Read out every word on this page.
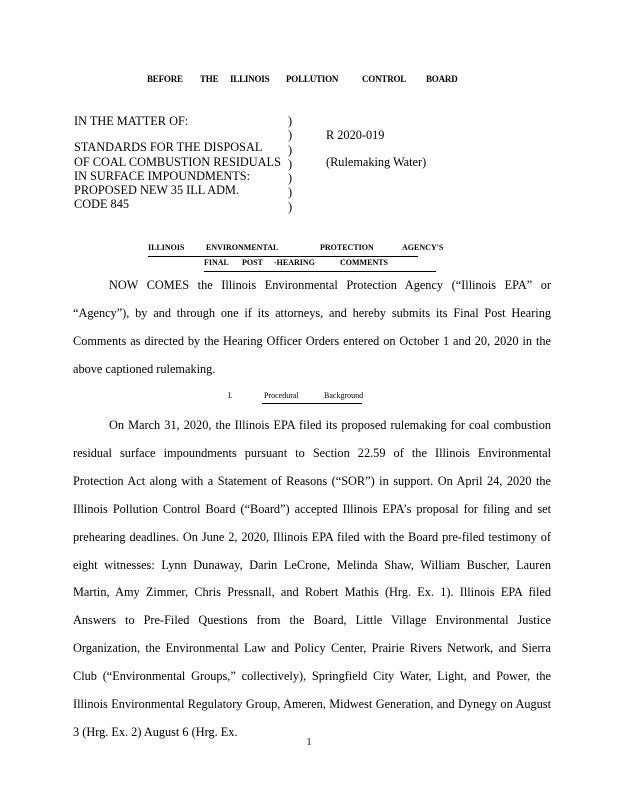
BEFORE THE ILLINOIS POLLUTION	CONTROL BOARD
IN THE MATTER OF:
STANDARDS FOR THE DISPOSAL
OF COAL COMBUSTION RESIDUALS
IN SURFACE IMPOUNDMENTS:
PROPOSED NEW 35 ILL ADM.
CODE 845
)
)
)
)
)
)
)
R 2020-019
(Rulemaking Water)
ILLINOIS	ENVIRONMENTAL	PROTECTION	AGENCY'S
FINAL POST -HEARING	COMMENTS

NOW COMES the Illinois Environmental Protection Agency (“Illinois EPA” or “Agency”), by and through one if its attorneys, and hereby submits its Final Post Hearing Comments as directed by the Hearing Officer Orders entered on October 1 and 20, 2020 in the above captioned rulemaking.

I.	Procedural	Background

On March 31, 2020, the Illinois EPA filed its proposed rulemaking for coal combustion residual surface impoundments pursuant to Section 22.59 of the Illinois Environmental Protection Act along with a Statement of Reasons (“SOR”) in support. On April 24, 2020 the Illinois Pollution Control Board (“Board”) accepted Illinois EPA’s proposal for filing and set prehearing deadlines. On June 2, 2020, Illinois EPA filed with the Board pre-filed testimony of eight witnesses: Lynn Dunaway, Darin LeCrone, Melinda Shaw, William Buscher, Lauren Martin, Amy Zimmer, Chris Pressnall, and Robert Mathis (Hrg. Ex. 1). Illinois EPA filed Answers to Pre-Filed Questions from the Board, Little Village Environmental Justice Organization, the Environmental Law and Policy Center, Prairie Rivers Network, and Sierra Club (“Environmental Groups,” collectively), Springfield City Water, Light, and Power, the Illinois Environmental Regulatory Group, Ameren, Midwest Generation, and Dynegy on August 3 (Hrg. Ex. 2) August 6 (Hrg. Ex.

1
